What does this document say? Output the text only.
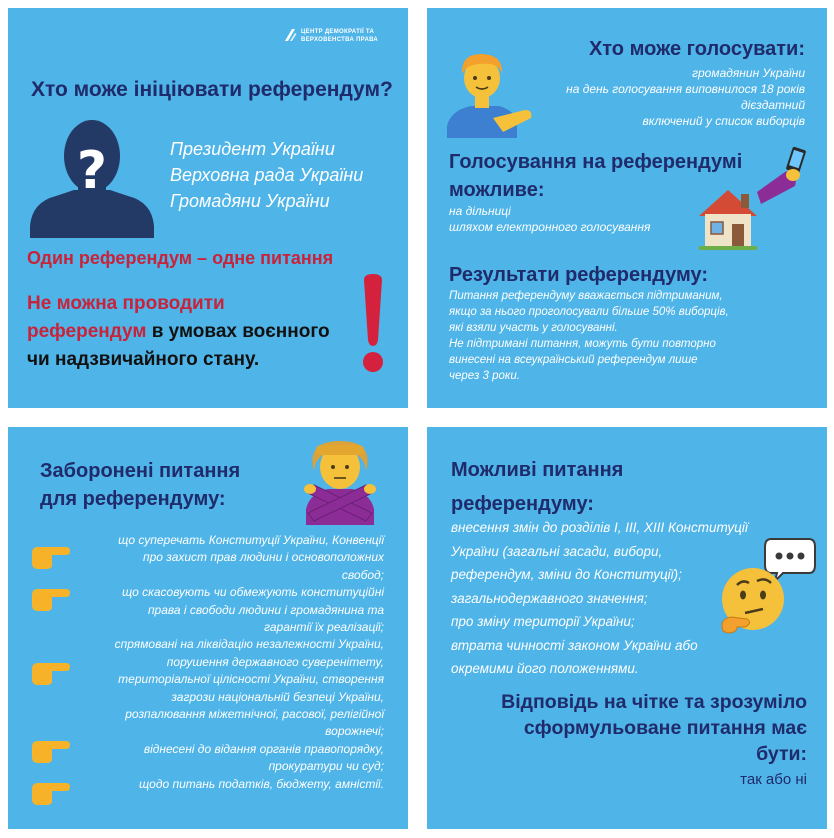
ЦЕНТР ДЕМОКРАТІЇ ТА
ВЕРХОВЕНСТВА ПРАВА
Хто може ініціювати референдум?
?	Президент України
Верховна рада України
Громадяни України
Один референдум – одне питання
Не можна проводити
референдум в умовах воєнного
чи надзвичайного стану.
Хто може голосувати:
громадянин України
на день голосування виповнилося 18 років
дієздатний
включений у список виборців
Голосування на референдумі
можливе:
на дільниці
шляхом електронного голосування
Результати референдуму:
Питання референдуму вважається підтриманим,
якщо за нього проголосували більше 50% виборців,
які взяли участь у голосуванні.
Не підтримані питання, можуть бути повторно
винесені на всеукраїнський референдум лише
через 3 роки.
Заборонені питання
для референдуму:
що суперечать Конституції України, Конвенції
про захист прав людини і основоположних
свобод;
що скасовують чи обмежують конституційні
права і свободи людини і громадянина та
гарантії їх реалізації;
спрямовані на ліквідацію незалежності України,
порушення державного суверенітету,
територіальної цілісності України, створення
загрози національній безпеці України,
розпалювання міжетнічної, расової, релігійної
ворожнечі;
віднесені до відання органів правопорядку,
прокуратури чи суд;
щодо питань податків, бюджету, амністії.
Можливі питання
референдуму:
внесення змін до розділів І, ІІІ, ХІІІ Конституції
України (загальні засади, вибори,
референдум, зміни до Конституції);
загальнодержавного значення;
про зміну території України;
втрата чинності законом України або
окремими його положеннями.
Відповідь на чітке та зрозуміло
сформульоване питання має
бути:
так або ні
